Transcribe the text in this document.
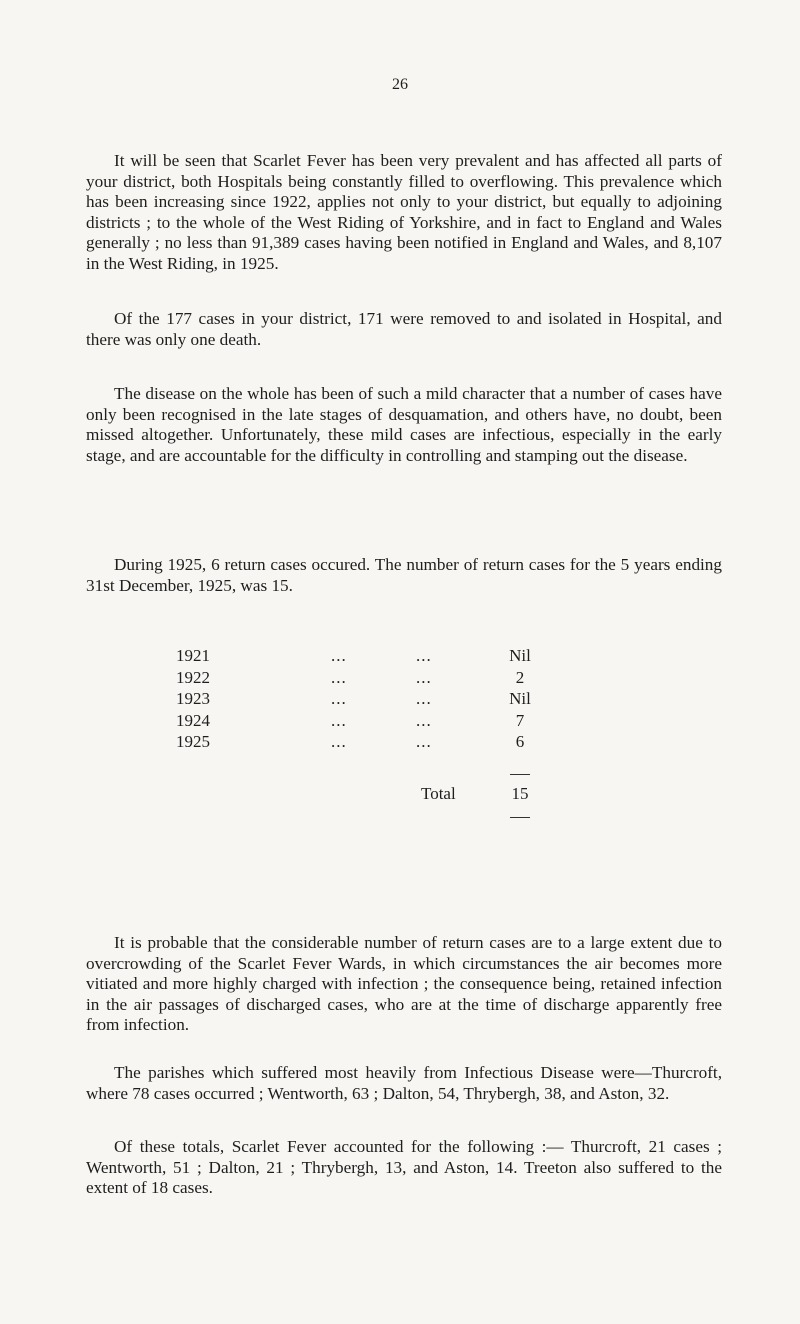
26

It will be seen that Scarlet Fever has been very prevalent and has affected all parts of your district, both Hospitals being constantly filled to overflowing. This prevalence which has been increasing since 1922, applies not only to your district, but equally to adjoining districts ; to the whole of the West Riding of Yorkshire, and in fact to England and Wales generally ; no less than 91,389 cases having been notified in England and Wales, and 8,107 in the West Riding, in 1925.

Of the 177 cases in your district, 171 were removed to and isolated in Hospital, and there was only one death.

The disease on the whole has been of such a mild character that a number of cases have only been recognised in the late stages of desquamation, and others have, no doubt, been missed altogether. Unfortunately, these mild cases are infectious, especially in the early stage, and are accountable for the difficulty in controlling and stamping out the disease.

During 1925, 6 return cases occured. The number of return cases for the 5 years ending 31st December, 1925, was 15.

1921	...	...	Nil
1922	...	...	2
1923	...	...	Nil
1924	...	...	7
1925	...	...	6
Total	15

It is probable that the considerable number of return cases are to a large extent due to overcrowding of the Scarlet Fever Wards, in which circumstances the air becomes more vitiated and more highly charged with infection ; the consequence being, retained infection in the air passages of discharged cases, who are at the time of discharge apparently free from infection.

The parishes which suffered most heavily from Infectious Disease were—Thurcroft, where 78 cases occurred ; Wentworth, 63 ; Dalton, 54, Thrybergh, 38, and Aston, 32.

Of these totals, Scarlet Fever accounted for the following :— Thurcroft, 21 cases ; Wentworth, 51 ; Dalton, 21 ; Thrybergh, 13, and Aston, 14. Treeton also suffered to the extent of 18 cases.
